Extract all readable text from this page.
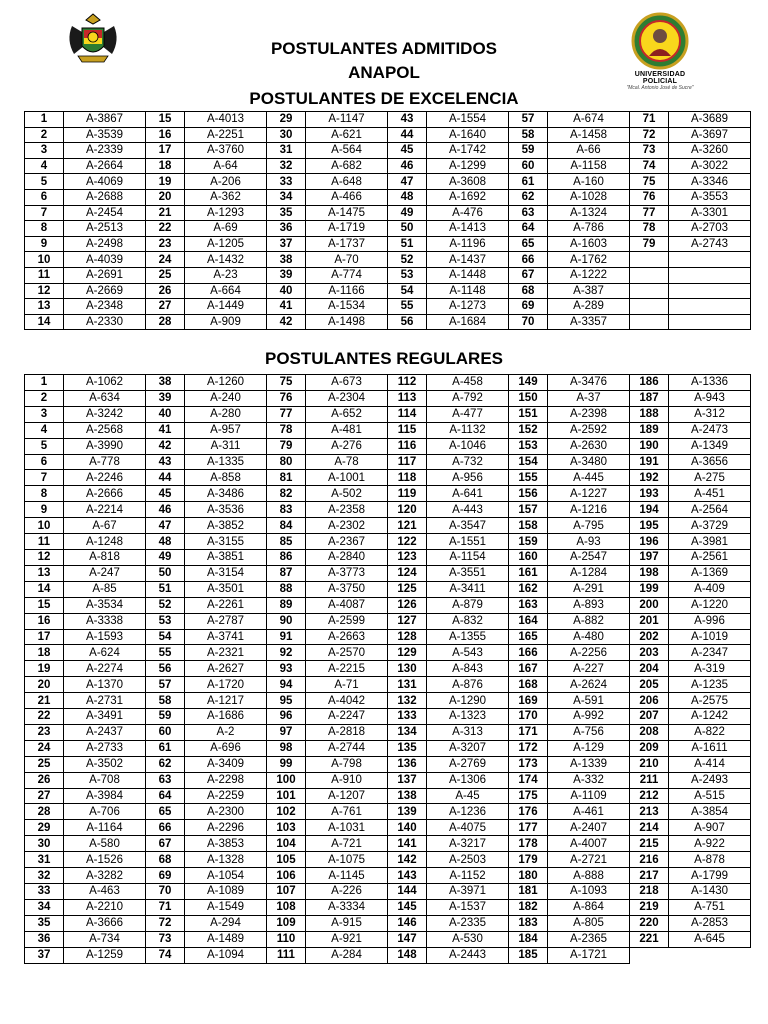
POSTULANTES ADMITIDOS
ANAPOL
POSTULANTES DE EXCELENCIA
UNIVERSIDAD POLICIAL
"Mcal. Antonio José de Sucre"
1	A-3867	15	A-4013	29	A-1147	43	A-1554	57	A-674	71	A-3689
2	A-3539	16	A-2251	30	A-621	44	A-1640	58	A-1458	72	A-3697
3	A-2339	17	A-3760	31	A-564	45	A-1742	59	A-66	73	A-3260
4	A-2664	18	A-64	32	A-682	46	A-1299	60	A-1158	74	A-3022
5	A-4069	19	A-206	33	A-648	47	A-3608	61	A-160	75	A-3346
6	A-2688	20	A-362	34	A-466	48	A-1692	62	A-1028	76	A-3553
7	A-2454	21	A-1293	35	A-1475	49	A-476	63	A-1324	77	A-3301
8	A-2513	22	A-69	36	A-1719	50	A-1413	64	A-786	78	A-2703
9	A-2498	23	A-1205	37	A-1737	51	A-1196	65	A-1603	79	A-2743
10	A-4039	24	A-1432	38	A-70	52	A-1437	66	A-1762		
11	A-2691	25	A-23	39	A-774	53	A-1448	67	A-1222		
12	A-2669	26	A-664	40	A-1166	54	A-1148	68	A-387		
13	A-2348	27	A-1449	41	A-1534	55	A-1273	69	A-289		
14	A-2330	28	A-909	42	A-1498	56	A-1684	70	A-3357		
POSTULANTES REGULARES
1	A-1062	38	A-1260	75	A-673	112	A-458	149	A-3476	186	A-1336
2	A-634	39	A-240	76	A-2304	113	A-792	150	A-37	187	A-943
3	A-3242	40	A-280	77	A-652	114	A-477	151	A-2398	188	A-312
4	A-2568	41	A-957	78	A-481	115	A-1132	152	A-2592	189	A-2473
5	A-3990	42	A-311	79	A-276	116	A-1046	153	A-2630	190	A-1349
6	A-778	43	A-1335	80	A-78	117	A-732	154	A-3480	191	A-3656
7	A-2246	44	A-858	81	A-1001	118	A-956	155	A-445	192	A-275
8	A-2666	45	A-3486	82	A-502	119	A-641	156	A-1227	193	A-451
9	A-2214	46	A-3536	83	A-2358	120	A-443	157	A-1216	194	A-2564
10	A-67	47	A-3852	84	A-2302	121	A-3547	158	A-795	195	A-3729
11	A-1248	48	A-3155	85	A-2367	122	A-1551	159	A-93	196	A-3981
12	A-818	49	A-3851	86	A-2840	123	A-1154	160	A-2547	197	A-2561
13	A-247	50	A-3154	87	A-3773	124	A-3551	161	A-1284	198	A-1369
14	A-85	51	A-3501	88	A-3750	125	A-3411	162	A-291	199	A-409
15	A-3534	52	A-2261	89	A-4087	126	A-879	163	A-893	200	A-1220
16	A-3338	53	A-2787	90	A-2599	127	A-832	164	A-882	201	A-996
17	A-1593	54	A-3741	91	A-2663	128	A-1355	165	A-480	202	A-1019
18	A-624	55	A-2321	92	A-2570	129	A-543	166	A-2256	203	A-2347
19	A-2274	56	A-2627	93	A-2215	130	A-843	167	A-227	204	A-319
20	A-1370	57	A-1720	94	A-71	131	A-876	168	A-2624	205	A-1235
21	A-2731	58	A-1217	95	A-4042	132	A-1290	169	A-591	206	A-2575
22	A-3491	59	A-1686	96	A-2247	133	A-1323	170	A-992	207	A-1242
23	A-2437	60	A-2	97	A-2818	134	A-313	171	A-756	208	A-822
24	A-2733	61	A-696	98	A-2744	135	A-3207	172	A-129	209	A-1611
25	A-3502	62	A-3409	99	A-798	136	A-2769	173	A-1339	210	A-414
26	A-708	63	A-2298	100	A-910	137	A-1306	174	A-332	211	A-2493
27	A-3984	64	A-2259	101	A-1207	138	A-45	175	A-1109	212	A-515
28	A-706	65	A-2300	102	A-761	139	A-1236	176	A-461	213	A-3854
29	A-1164	66	A-2296	103	A-1031	140	A-4075	177	A-2407	214	A-907
30	A-580	67	A-3853	104	A-721	141	A-3217	178	A-4007	215	A-922
31	A-1526	68	A-1328	105	A-1075	142	A-2503	179	A-2721	216	A-878
32	A-3282	69	A-1054	106	A-1145	143	A-1152	180	A-888	217	A-1799
33	A-463	70	A-1089	107	A-226	144	A-3971	181	A-1093	218	A-1430
34	A-2210	71	A-1549	108	A-3334	145	A-1537	182	A-864	219	A-751
35	A-3666	72	A-294	109	A-915	146	A-2335	183	A-805	220	A-2853
36	A-734	73	A-1489	110	A-921	147	A-530	184	A-2365	221	A-645
37	A-1259	74	A-1094	111	A-284	148	A-2443	185	A-1721		
